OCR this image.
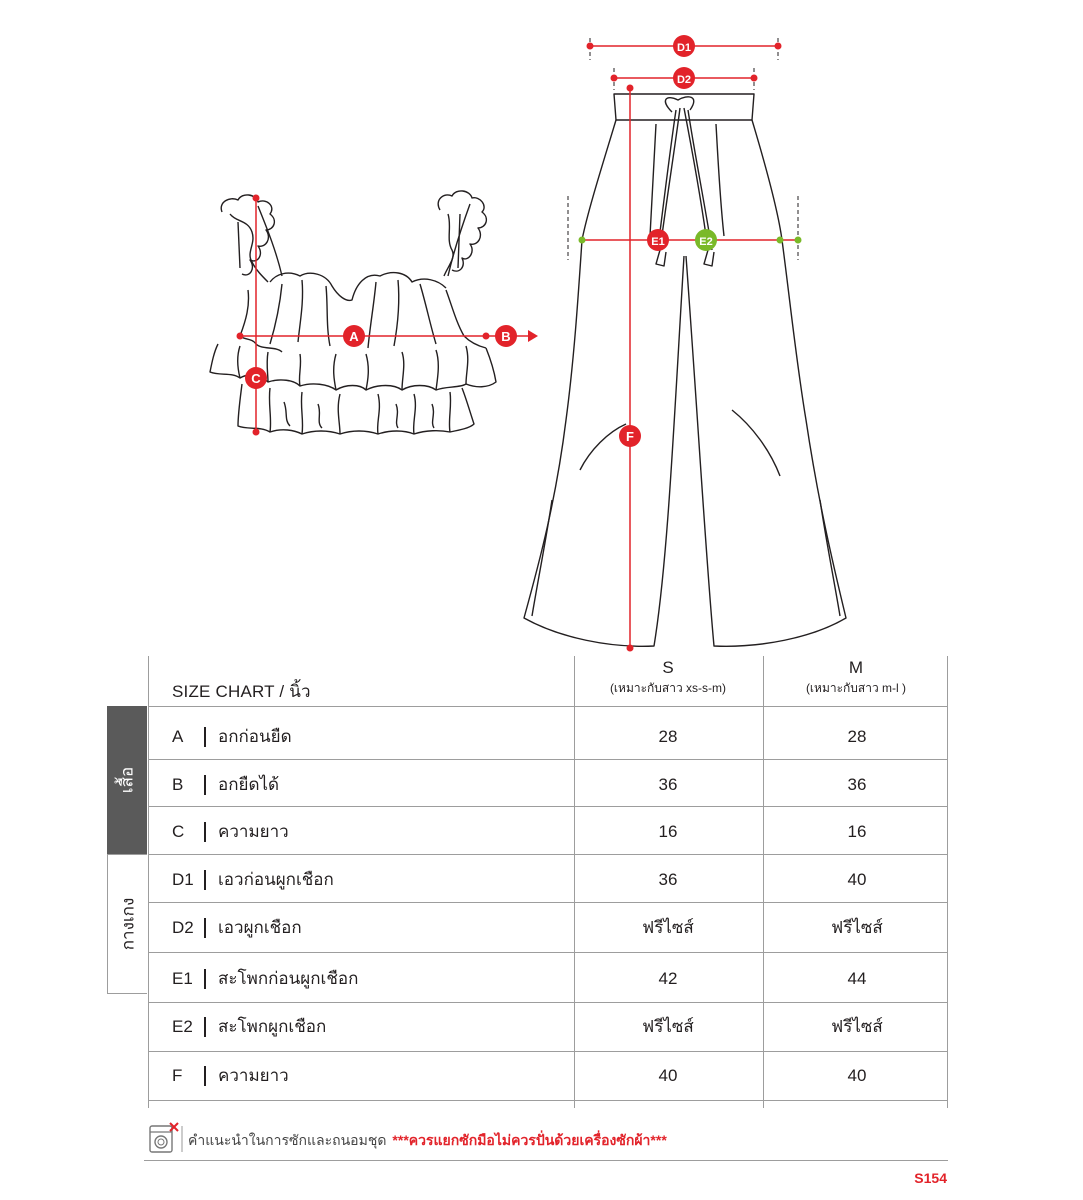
A	B
C
D1
D2
E1	E2
F
SIZE CHART / นิ้ว
S
(เหมาะกับสาว xs-s-m)
M
(เหมาะกับสาว m-l )
เสื้อ
กางเกง
A	อกก่อนยืด	28	28
B	อกยืดได้	36	36
C	ความยาว	16	16
D1	เอวก่อนผูกเชือก	36	40
D2	เอวผูกเชือก	ฟรีไซส์	ฟรีไซส์
E1	สะโพกก่อนผูกเชือก	42	44
E2	สะโพกผูกเชือก	ฟรีไซส์	ฟรีไซส์
F	ความยาว	40	40
คำแนะนำในการซักและถนอมชุด ***ควรแยกซักมือไม่ควรปั่นด้วยเครื่องซักผ้า***
S154
